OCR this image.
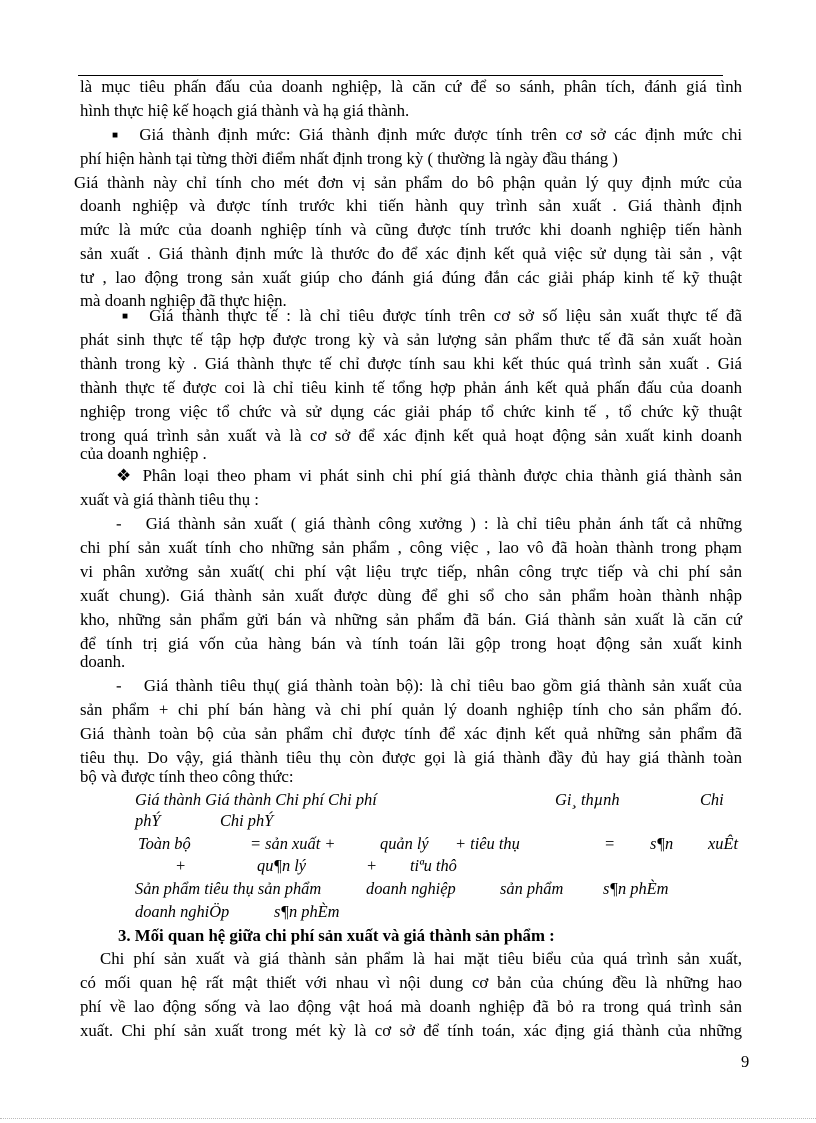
là mục tiêu phấn đấu của doanh nghiệp, là căn cứ để so sánh, phân tích, đánh giá tình
hình thực hiệ kế hoạch giá thành và hạ giá thành.
■ Giá thành định mức: Giá thành định mức được tính trên cơ sở các định mức chi
phí hiện hành tại từng thời điểm nhất định trong kỳ ( thường là ngày đầu tháng )
Giá thành này chỉ tính cho mét đơn vị sản phẩm do bô phận quản lý quy định mức của
doanh nghiệp và được tính trước khi tiến hành quy trình sản xuất . Giá thành định
mức là mức của doanh nghiệp tính và cũng được tính trước khi doanh nghiệp tiến hành
sản xuất . Giá thành định mức là thước đo để xác định kết quả việc sử dụng tài sản , vật
tư , lao động trong sản xuất giúp cho đánh giá đúng đắn các giải pháp kinh tế kỹ thuật
mà doanh nghiệp đã thực hiện.
■ Giá thành thực tế : là chỉ tiêu được tính trên cơ sở số liệu sản xuất thực tế đã
phát sinh thực tế tập hợp được trong kỳ và sản lượng sản phẩm thưc tế đã sản xuất hoàn
thành trong kỳ . Giá thành thực tế chỉ được tính sau khi kết thúc quá trình sản xuất . Giá
thành thực tế được coi là chỉ tiêu kinh tế tổng hợp phản ánh kết quả phấn đấu của doanh
nghiệp trong việc tổ chức và sử dụng các giải pháp tổ chức kinh tế , tổ chức kỹ thuật
trong quá trình sản xuất và là cơ sở để xác định kết quả hoạt động sản xuất kinh doanh
của doanh nghiệp .
❖ Phân loại theo pham vi phát sinh chi phí giá thành được chia thành giá thành sản
xuất và giá thành tiêu thụ :
- Giá thành sản xuất ( giá thành công xưởng ) : là chỉ tiêu phản ánh tất cả những
chi phí sản xuất tính cho những sản phẩm , công việc , lao vô đã hoàn thành trong phạm
vi phân xưởng sản xuất( chi phí vật liệu trực tiếp, nhân công trực tiếp và chi phí sản
xuất chung). Giá thành sản xuất được dùng để ghi sổ cho sản phẩm hoàn thành nhập
kho, những sản phẩm gửi bán và những sản phẩm đã bán. Giá thành sản xuất là căn cứ
để tính trị giá vốn của hàng bán và tính toán lãi gộp trong hoạt động sản xuất kinh
doanh.
- Giá thành tiêu thụ( giá thành toàn bộ): là chỉ tiêu bao gồm giá thành sản xuất của
sản phẩm + chi phí bán hàng và chi phí quản lý doanh nghiệp tính cho sản phẩm đó.
Giá thành toàn bộ của sản phẩm chỉ được tính để xác định kết quả những sản phẩm đã
tiêu thụ. Do vậy, giá thành tiêu thụ còn được gọi là giá thành đầy đủ hay giá thành toàn
bộ và được tính theo công thức:
Giá thành Giá thành Chi phí Chi phí	Gi¸ thµnh	Chi
phÝ	Chi phÝ
Toàn bộ	= sản xuất +	quản lý + tiêu thụ	= s¶n xuÊt
+	qu¶n lý	+ tiªu thô
Sản phẩm tiêu thụ sản phẩm	doanh nghiệp	sản phẩm s¶n phÈm
doanh nghiÖp	s¶n phÈm
3. Mối quan hệ giữa chi phí sản xuất và giá thành sản phẩm :
Chi phí sản xuất và giá thành sản phẩm là hai mặt tiêu biểu của quá trình sản xuất,
có mối quan hệ rất mật thiết với nhau vì nội dung cơ bản của chúng đều là những hao
phí về lao động sống và lao động vật hoá mà doanh nghiệp đã bỏ ra trong quá trình sản
xuất. Chi phí sản xuất trong mét kỳ là cơ sở để tính toán, xác địng giá thành của những
9
